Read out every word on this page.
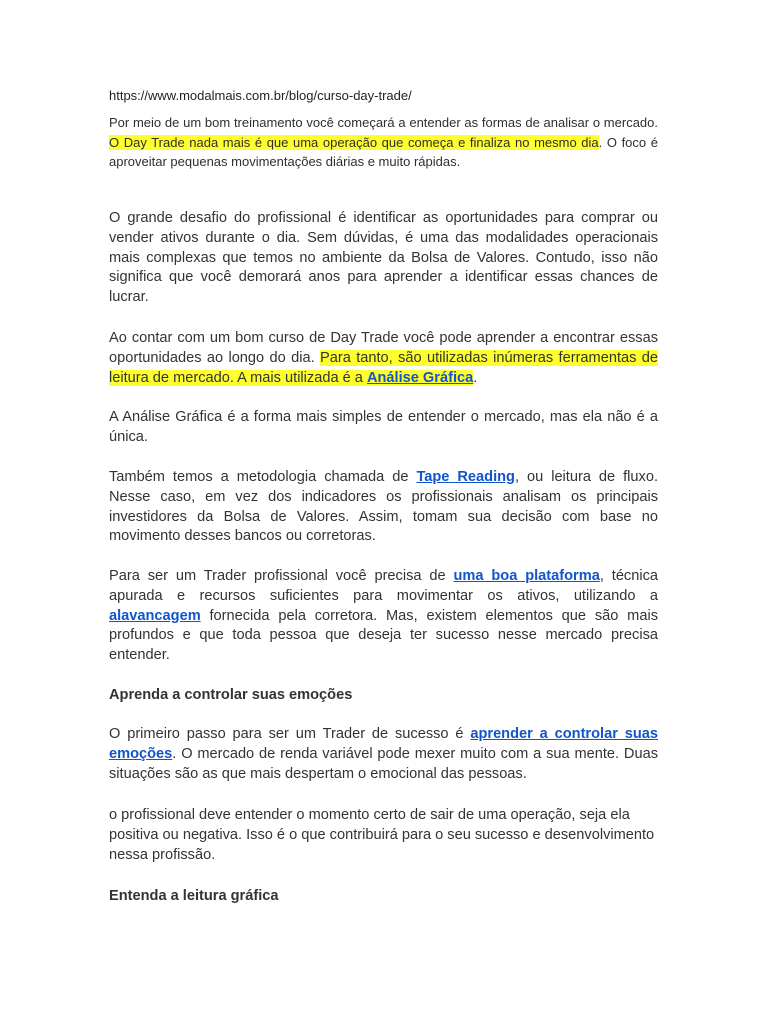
https://www.modalmais.com.br/blog/curso-day-trade/

Por meio de um bom treinamento você começará a entender as formas de analisar o mercado. O Day Trade nada mais é que uma operação que começa e finaliza no mesmo dia. O foco é aproveitar pequenas movimentações diárias e muito rápidas.

O grande desafio do profissional é identificar as oportunidades para comprar ou vender ativos durante o dia. Sem dúvidas, é uma das modalidades operacionais mais complexas que temos no ambiente da Bolsa de Valores. Contudo, isso não significa que você demorará anos para aprender a identificar essas chances de lucrar.

Ao contar com um bom curso de Day Trade você pode aprender a encontrar essas oportunidades ao longo do dia. Para tanto, são utilizadas inúmeras ferramentas de leitura de mercado. A mais utilizada é a Análise Gráfica.

A Análise Gráfica é a forma mais simples de entender o mercado, mas ela não é a única.

Também temos a metodologia chamada de Tape Reading, ou leitura de fluxo. Nesse caso, em vez dos indicadores os profissionais analisam os principais investidores da Bolsa de Valores. Assim, tomam sua decisão com base no movimento desses bancos ou corretoras.

Para ser um Trader profissional você precisa de uma boa plataforma, técnica apurada e recursos suficientes para movimentar os ativos, utilizando a alavancagem fornecida pela corretora. Mas, existem elementos que são mais profundos e que toda pessoa que deseja ter sucesso nesse mercado precisa entender.

Aprenda a controlar suas emoções

O primeiro passo para ser um Trader de sucesso é aprender a controlar suas emoções. O mercado de renda variável pode mexer muito com a sua mente. Duas situações são as que mais despertam o emocional das pessoas.

o profissional deve entender o momento certo de sair de uma operação, seja ela positiva ou negativa. Isso é o que contribuirá para o seu sucesso e desenvolvimento nessa profissão.

Entenda a leitura gráfica
